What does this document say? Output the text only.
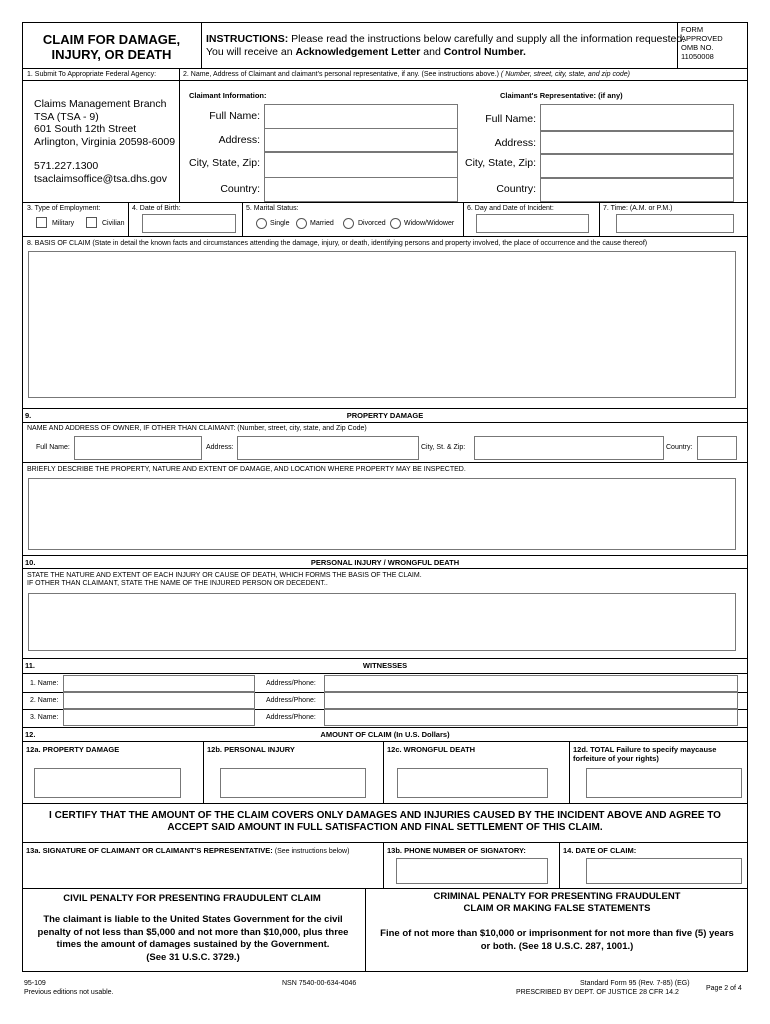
CLAIM FOR DAMAGE,
INJURY, OR DEATH
INSTRUCTIONS: Please read the instructions below carefully and supply all the information requested.
You will receive an Acknowledgement Letter and Control Number.
FORM
APPROVED
OMB NO.
11050008
1. Submit To Appropriate Federal Agency:	2. Name, Address of Claimant and claimant's personal representative, if any. (See instructions above.) ( Number, street, city, state, and zip code)
Claims Management Branch
TSA (TSA - 9)
601 South 12th Street
Arlington, Virginia 20598-6009
571.227.1300
tsaclaimsoffice@tsa.dhs.gov
Claimant Information:	Claimant's Representative: (if any)
Full Name:
Address:
City, State, Zip:
Country:
Full Name:
Address:
City, State, Zip:
Country:
3. Type of Employment:
Military	Civilian
4. Date of Birth:	5. Marital Status:
Single	Married	Divorced	Widow/Widower
6. Day and Date of Incident:	7. Time: (A.M. or P.M.)
8. BASIS OF CLAIM (State in detail the known facts and circumstances attending the damage, injury, or death, identifying persons and property involved, the place of occurrence and the cause thereof)
9.	PROPERTY DAMAGE
NAME AND ADDRESS OF OWNER, IF OTHER THAN CLAIMANT: (Number, street, city, state, and Zip Code)
Full Name:	Address:	City, St. & Zip:	Country:
BRIEFLY DESCRIBE THE PROPERTY, NATURE AND EXTENT OF DAMAGE, AND LOCATION WHERE PROPERTY MAY BE INSPECTED.
10.	PERSONAL INJURY / WRONGFUL DEATH
STATE THE NATURE AND EXTENT OF EACH INJURY OR CAUSE OF DEATH, WHICH FORMS THE BASIS OF THE CLAIM.
IF OTHER THAN CLAIMANT, STATE THE NAME OF THE INJURED PERSON OR DECEDENT..
11.	WITNESSES
1. Name:	Address/Phone:
2. Name:	Address/Phone:
3. Name:	Address/Phone:
12.	AMOUNT OF CLAIM (In U.S. Dollars)
12a. PROPERTY DAMAGE	12b. PERSONAL INJURY	12c. WRONGFUL DEATH	12d. TOTAL Failure to specify maycause
forfeiture of your rights)
I CERTIFY THAT THE AMOUNT OF THE CLAIM COVERS ONLY DAMAGES AND INJURIES CAUSED BY THE INCIDENT ABOVE AND AGREE TO
ACCEPT SAID AMOUNT IN FULL SATISFACTION AND FINAL SETTLEMENT OF THIS CLAIM.
13a. SIGNATURE OF CLAIMANT OR CLAIMANT'S REPRESENTATIVE: (See instructions below)	13b. PHONE NUMBER OF SIGNATORY:	14. DATE OF CLAIM:
CIVIL PENALTY FOR PRESENTING FRAUDULENT CLAIM
The claimant is liable to the United States Government for the civil
penalty of not less than $5,000 and not more than $10,000, plus three
times the amount of damages sustained by the Government.
(See 31 U.S.C. 3729.)
CRIMINAL PENALTY FOR PRESENTING FRAUDULENT
CLAIM OR MAKING FALSE STATEMENTS
Fine of not more than $10,000 or imprisonment for not more than five (5) years
or both. (See 18 U.S.C. 287, 1001.)
95-109
Previous editions not usable.
NSN 7540-00-634-4046	Standard Form 95 (Rev. 7-85) (EG)
PRESCRIBED BY DEPT. OF JUSTICE 28 CFR 14.2
Page 2 of 4
